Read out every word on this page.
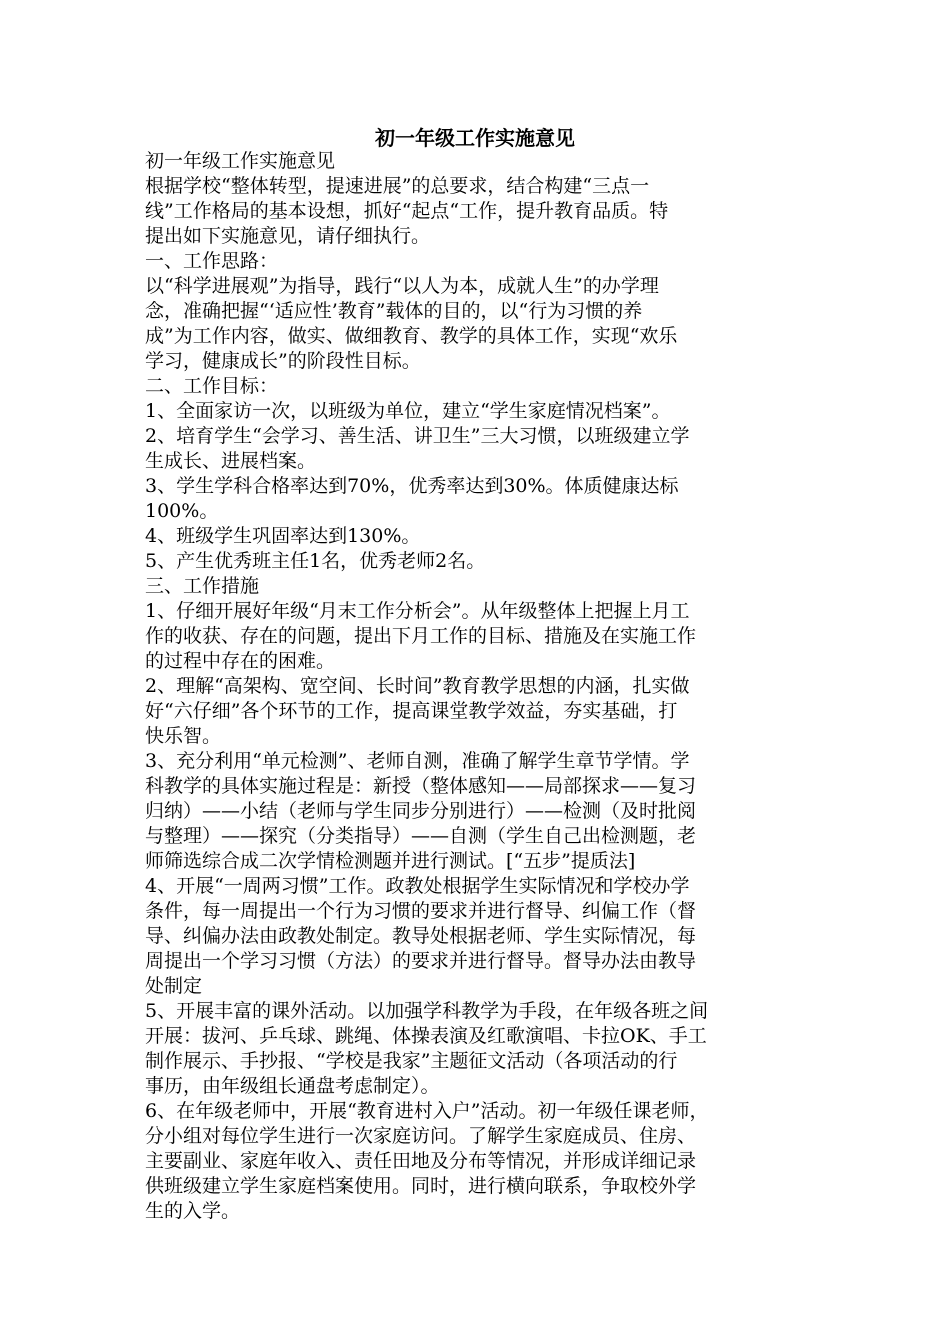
初一年级工作实施意见

初一年级工作实施意见

根据学校“整体转型，提速进展”的总要求，结合构建“三点一
线”工作格局的基本设想，抓好“起点“工作，提升教育品质。特
提出如下实施意见，请仔细执行。

一、工作思路：

以“科学进展观”为指导，践行“以人为本，成就人生”的办学理
念，准确把握“‘适应性’教育”载体的目的，以“行为习惯的养
成”为工作内容，做实、做细教育、教学的具体工作，实现“欢乐
学习，健康成长”的阶段性目标。

二、工作目标：

1、全面家访一次，以班级为单位，建立“学生家庭情况档案”。

2、培育学生“会学习、善生活、讲卫生”三大习惯，以班级建立学
生成长、进展档案。

3、学生学科合格率达到70%，优秀率达到30%。体质健康达标
100%。

4、班级学生巩固率达到130%。

5、产生优秀班主任1名，优秀老师2名。

三、工作措施

1、仔细开展好年级“月末工作分析会”。从年级整体上把握上月工
作的收获、存在的问题，提出下月工作的目标、措施及在实施工作
的过程中存在的困难。

2、理解“高架构、宽空间、长时间”教育教学思想的内涵，扎实做
好“六仔细”各个环节的工作，提高课堂教学效益，夯实基础，打
快乐智。

3、充分利用“单元检测”、老师自测，准确了解学生章节学情。学
科教学的具体实施过程是：新授（整体感知——局部探求——复习
归纳）——小结（老师与学生同步分别进行）——检测（及时批阅
与整理）——探究（分类指导）——自测（学生自己出检测题，老
师筛选综合成二次学情检测题并进行测试。[“五步”提质法]

4、开展“一周两习惯”工作。政教处根据学生实际情况和学校办学
条件，每一周提出一个行为习惯的要求并进行督导、纠偏工作（督
导、纠偏办法由政教处制定。教导处根据老师、学生实际情况，每
周提出一个学习习惯（方法）的要求并进行督导。督导办法由教导
处制定

5、开展丰富的课外活动。以加强学科教学为手段，在年级各班之间
开展：拔河、乒乓球、跳绳、体操表演及红歌演唱、卡拉OK、手工
制作展示、手抄报、“学校是我家”主题征文活动（各项活动的行
事历，由年级组长通盘考虑制定）。

6、在年级老师中，开展“教育进村入户”活动。初一年级任课老师，
分小组对每位学生进行一次家庭访问。了解学生家庭成员、住房、
主要副业、家庭年收入、责任田地及分布等情况，并形成详细记录
供班级建立学生家庭档案使用。同时，进行横向联系，争取校外学
生的入学。
